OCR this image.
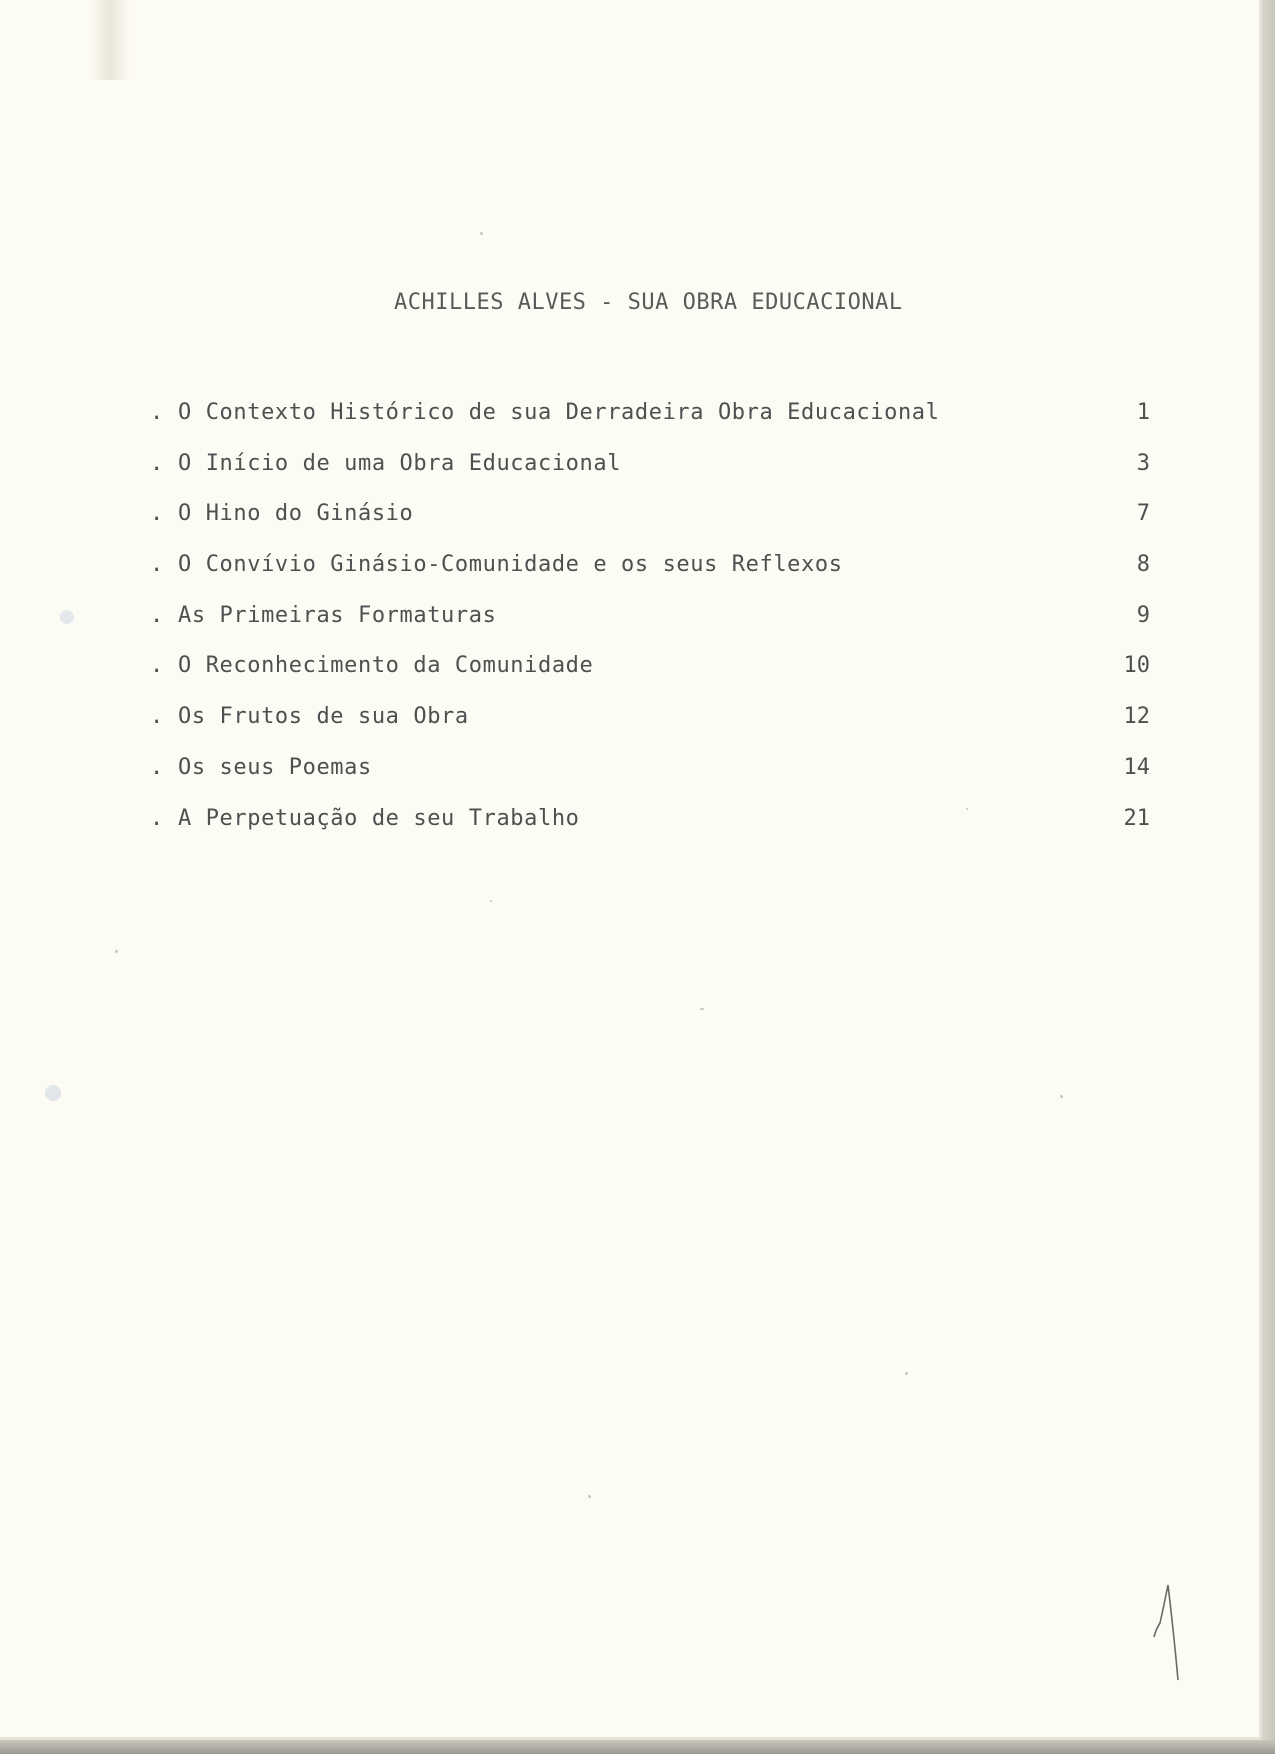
ACHILLES ALVES - SUA OBRA EDUCACIONAL
. O Contexto Histórico de sua Derradeira Obra Educacional	1
. O Início de uma Obra Educacional	3
. O Hino do Ginásio	7
. O Convívio Ginásio-Comunidade e os seus Reflexos	8
. As Primeiras Formaturas	9
. O Reconhecimento da Comunidade	10
. Os Frutos de sua Obra	12
. Os seus Poemas	14
. A Perpetuação de seu Trabalho	21
